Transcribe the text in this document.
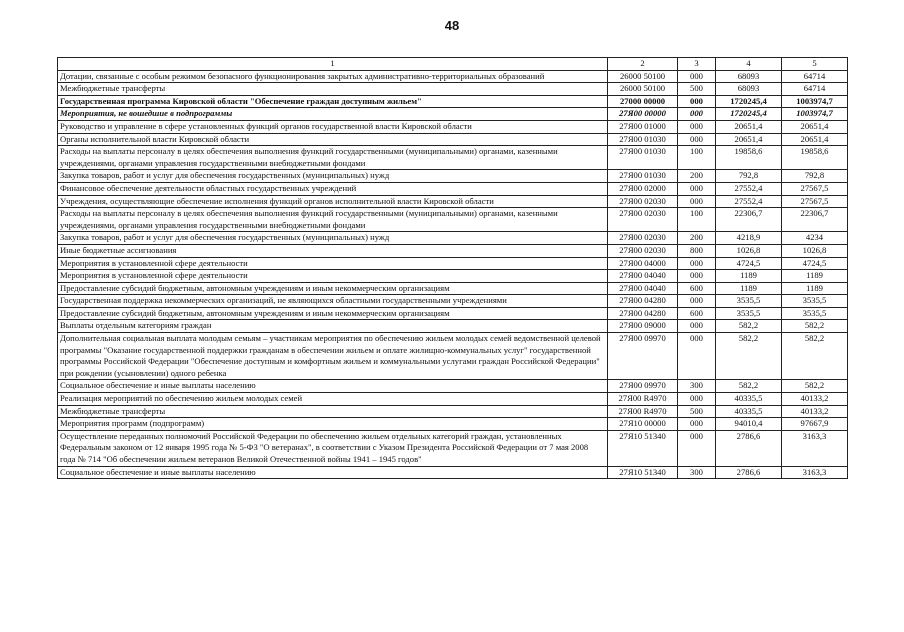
48
1	2	3	4	5
Дотации, связанные с особым режимом безопасного функционирования закрытых административно-территориальных образований	26000 50100	000	68093	64714
Межбюджетные трансферты	26000 50100	500	68093	64714
Государственная программа Кировской области "Обеспечение граждан доступным жильем"	27000 00000	000	1720245,4	1003974,7
Мероприятия, не вошедшие в подпрограммы	27Я00 00000	000	1720245,4	1003974,7
Руководство и управление в сфере установленных функций органов государственной власти Кировской области	27Я00 01000	000	20651,4	20651,4
Органы исполнительной власти Кировской области	27Я00 01030	000	20651,4	20651,4
Расходы на выплаты персоналу в целях обеспечения выполнения функций государственными (муниципальными) органами, казенными учреждениями, органами управления государственными внебюджетными фондами	27Я00 01030	100	19858,6	19858,6
Закупка товаров, работ и услуг для обеспечения государственных (муниципальных) нужд	27Я00 01030	200	792,8	792,8
Финансовое обеспечение деятельности областных государственных учреждений	27Я00 02000	000	27552,4	27567,5
Учреждения, осуществляющие обеспечение исполнения функций органов исполнительной власти Кировской области	27Я00 02030	000	27552,4	27567,5
Расходы на выплаты персоналу в целях обеспечения выполнения функций государственными (муниципальными) органами, казенными учреждениями, органами управления государственными внебюджетными фондами	27Я00 02030	100	22306,7	22306,7
Закупка товаров, работ и услуг для обеспечения государственных (муниципальных) нужд	27Я00 02030	200	4218,9	4234
Иные бюджетные ассигнования	27Я00 02030	800	1026,8	1026,8
Мероприятия в установленной сфере деятельности	27Я00 04000	000	4724,5	4724,5
Мероприятия в установленной сфере деятельности	27Я00 04040	000	1189	1189
Предоставление субсидий бюджетным, автономным учреждениям и иным некоммерческим организациям	27Я00 04040	600	1189	1189
Государственная поддержка некоммерческих организаций, не являющихся областными государственными учреждениями	27Я00 04280	000	3535,5	3535,5
Предоставление субсидий бюджетным, автономным учреждениям и иным некоммерческим организациям	27Я00 04280	600	3535,5	3535,5
Выплаты отдельным категориям граждан	27Я00 09000	000	582,2	582,2
Дополнительная социальная выплата молодым семьям – участникам мероприятия по обеспечению жильем молодых семей ведомственной целевой программы "Оказание государственной поддержки гражданам в обеспечении жильем и оплате жилищно-коммунальных услуг" государственной программы Российской Федерации "Обеспечение доступным и комфортным жильем и коммунальными услугами граждан Российской Федерации" при рождении (усыновлении) одного ребенка	27Я00 09970	000	582,2	582,2
Социальное обеспечение и иные выплаты населению	27Я00 09970	300	582,2	582,2
Реализация мероприятий по обеспечению жильем молодых семей	27Я00 R4970	000	40335,5	40133,2
Межбюджетные трансферты	27Я00 R4970	500	40335,5	40133,2
Мероприятия программ (подпрограмм)	27Я10 00000	000	94010,4	97667,9
Осуществление переданных полномочий Российской Федерации по обеспечению жильем отдельных категорий граждан, установленных Федеральным законом от 12 января 1995 года № 5-ФЗ "О ветеранах", в соответствии с Указом Президента Российской Федерации от 7 мая 2008 года № 714 "Об обеспечении жильем ветеранов Великой Отечественной войны 1941 – 1945 годов"	27Я10 51340	000	2786,6	3163,3
Социальное обеспечение и иные выплаты населению	27Я10 51340	300	2786,6	3163,3
